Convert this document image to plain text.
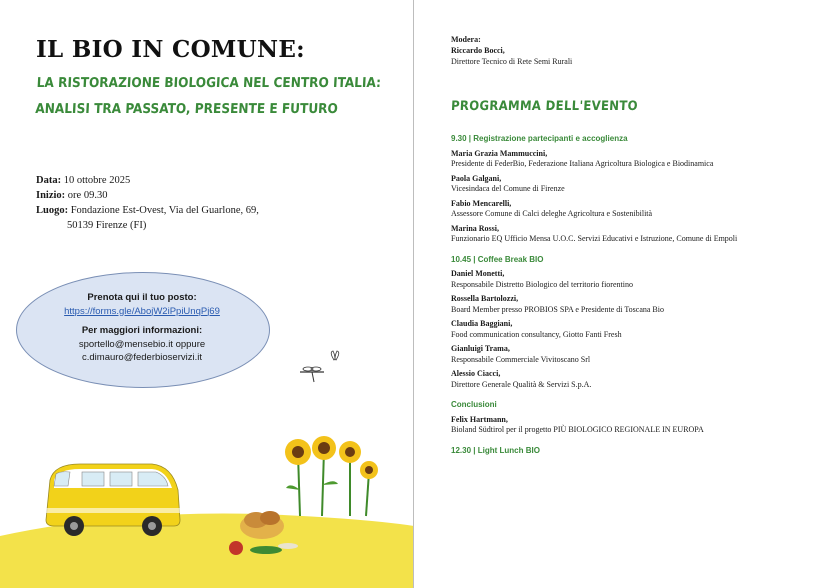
IL BIO IN COMUNE:
LA RISTORAZIONE BIOLOGICA NEL CENTRO ITALIA:
ANALISI TRA PASSATO, PRESENTE E FUTURO
Data: 10 ottobre 2025
Inizio: ore 09.30
Luogo: Fondazione Est-Ovest, Via del Guarlone, 69,
50139 Firenze (FI)
Prenota qui il tuo posto:
https://forms.gle/AbojW2iPpiUnqPj69
Per maggiori informazioni:
sportello@mensebio.it oppure
c.dimauro@federbioservizi.it
Modera:
Riccardo Bocci,
Direttore Tecnico di Rete Semi Rurali
PROGRAMMA DELL'EVENTO
9.30 | Registrazione partecipanti e accoglienza
Maria Grazia Mammuccini,
Presidente di FederBio, Federazione Italiana Agricoltura Biologica e Biodinamica
Paola Galgani,
Vicesindaca del Comune di Firenze
Fabio Mencarelli,
Assessore Comune di Calci deleghe Agricoltura e Sostenibilità
Marina Rossi,
Funzionario EQ Ufficio Mensa U.O.C. Servizi Educativi e Istruzione, Comune di Empoli
10.45 | Coffee Break BIO
Daniel Monetti,
Responsabile Distretto Biologico del territorio fiorentino
Rossella Bartolozzi,
Board Member presso PROBIOS SPA e Presidente di Toscana Bio
Claudia Baggiani,
Food communication consultancy, Giotto Fanti Fresh
Gianluigi Trama,
Responsabile Commerciale Vivitoscano Srl
Alessio Ciacci,
Direttore Generale Qualità & Servizi S.p.A.
Conclusioni
Felix Hartmann,
Bioland Südtirol per il progetto PIÙ BIOLOGICO REGIONALE IN EUROPA
12.30 | Light Lunch BIO
